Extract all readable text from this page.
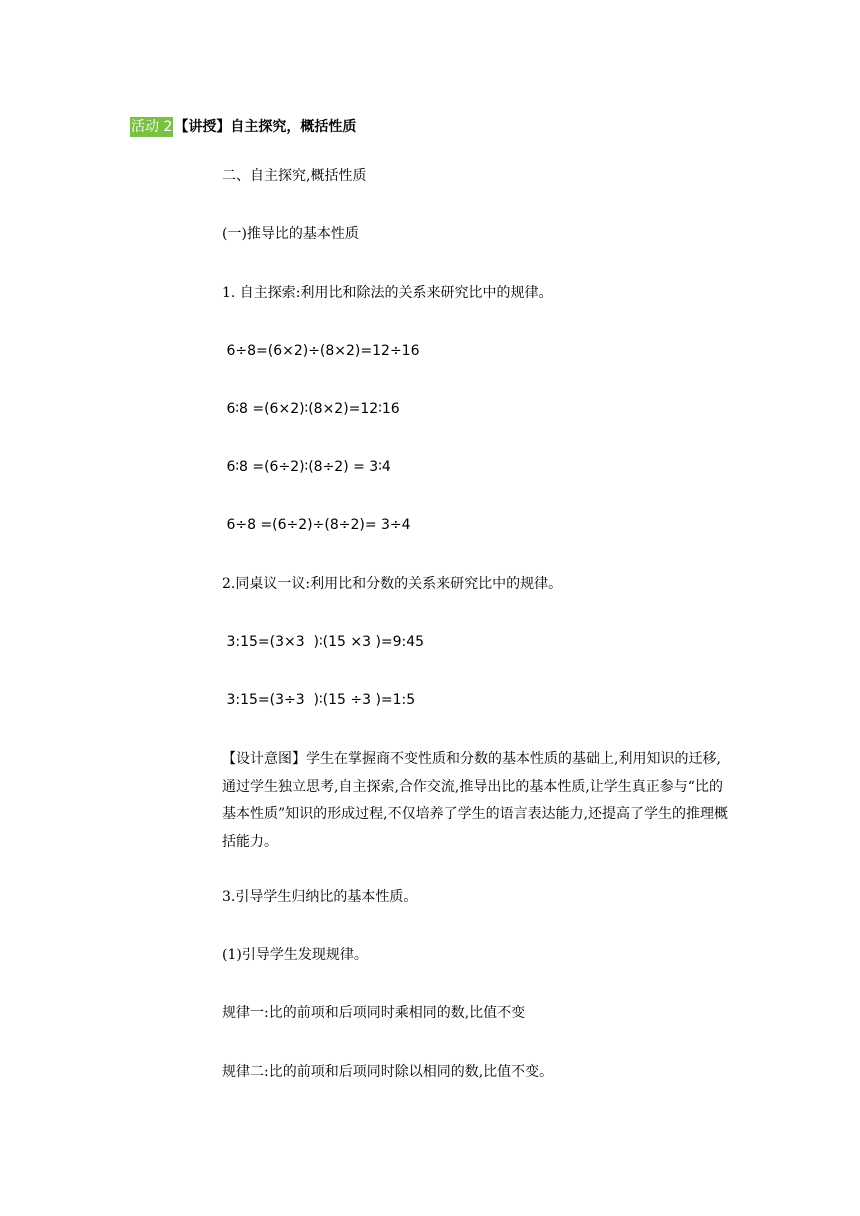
活动 2 【讲授】自主探究，概括性质
二、自主探究,概括性质
(一)推导比的基本性质
1. 自主探索:利用比和除法的关系来研究比中的规律。
6÷8=(6×2)÷(8×2)=12÷16
6∶8 =(6×2)∶(8×2)=12∶16
6∶8 =(6÷2)∶(8÷2) = 3∶4
6÷8 =(6÷2)÷(8÷2)= 3÷4
2.同桌议一议:利用比和分数的关系来研究比中的规律。
3:15=(3×3  )∶(15 ×3 )=9:45
3:15=(3÷3  )∶(15 ÷3 )=1:5
【设计意图】学生在掌握商不变性质和分数的基本性质的基础上,利用知识的迁移,通过学生独立思考,自主探索,合作交流,推导出比的基本性质,让学生真正参与“比的基本性质”知识的形成过程,不仅培养了学生的语言表达能力,还提高了学生的推理概括能力。
3.引导学生归纳比的基本性质。
(1)引导学生发现规律。
规律一:比的前项和后项同时乘相同的数,比值不变
规律二:比的前项和后项同时除以相同的数,比值不变。
